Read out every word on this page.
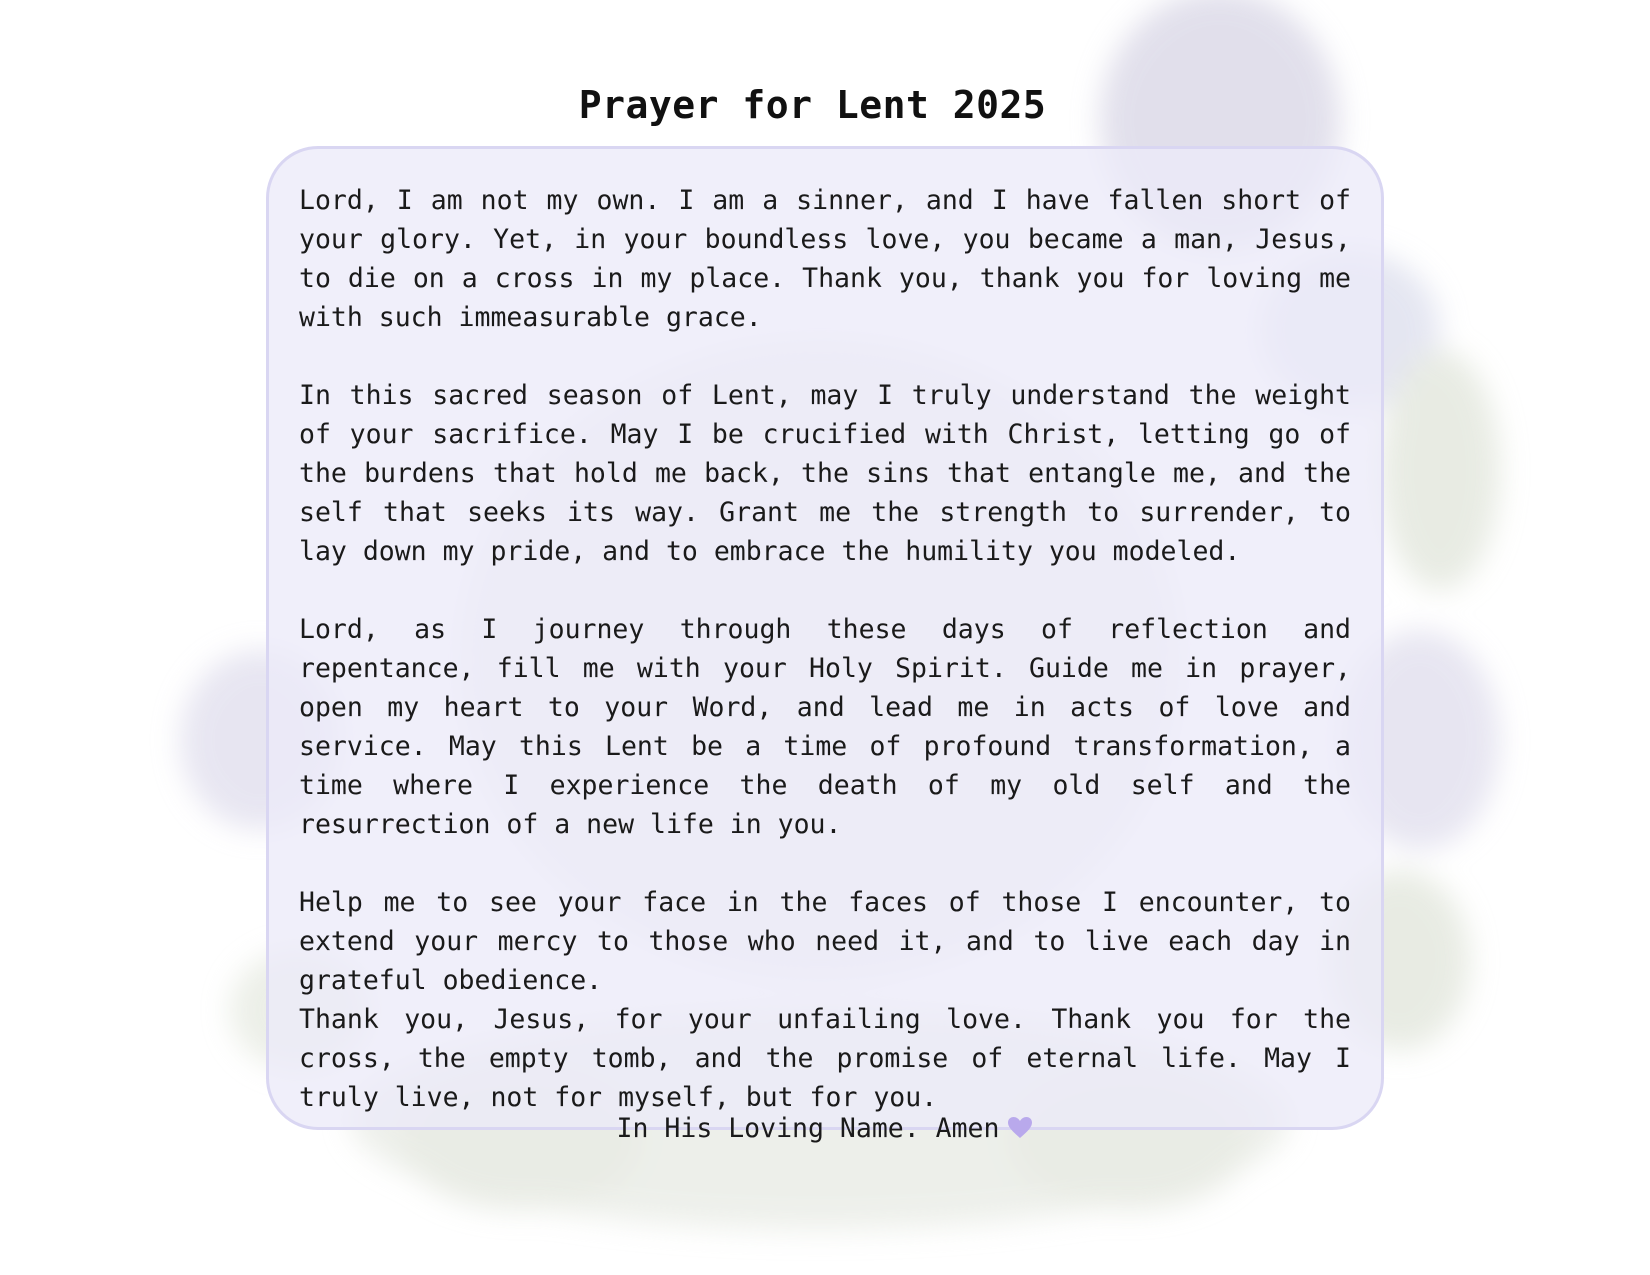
Prayer for Lent 2025

Lord, I am not my own. I am a sinner, and I have fallen short of your glory. Yet, in your boundless love, you became a man, Jesus, to die on a cross in my place. Thank you, thank you for loving me with such immeasurable grace.

In this sacred season of Lent, may I truly understand the weight of your sacrifice. May I be crucified with Christ, letting go of the burdens that hold me back, the sins that entangle me, and the self that seeks its way. Grant me the strength to surrender, to lay down my pride, and to embrace the humility you modeled.

Lord, as I journey through these days of reflection and repentance, fill me with your Holy Spirit. Guide me in prayer, open my heart to your Word, and lead me in acts of love and service. May this Lent be a time of profound transformation, a time where I experience the death of my old self and the resurrection of a new life in you.

Help me to see your face in the faces of those I encounter, to extend your mercy to those who need it, and to live each day in grateful obedience.

Thank you, Jesus, for your unfailing love. Thank you for the cross, the empty tomb, and the promise of eternal life. May I truly live, not for myself, but for you.

In His Loving Name. Amen
